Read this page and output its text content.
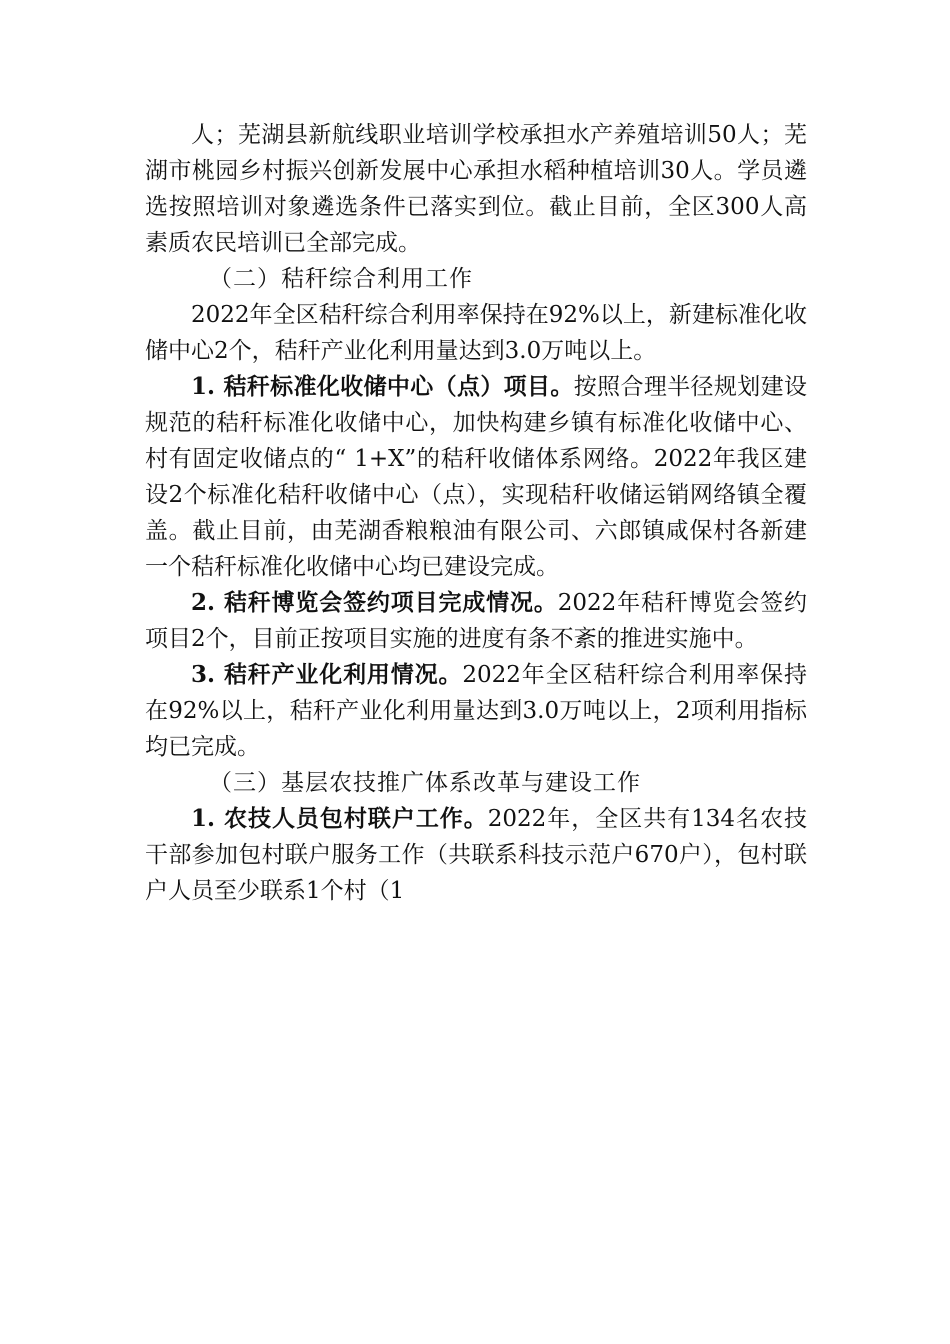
人；芜湖县新航线职业培训学校承担水产养殖培训50人；芜湖市桃园乡村振兴创新发展中心承担水稻种植培训30人。学员遴选按照培训对象遴选条件已落实到位。截止目前，全区300人高素质农民培训已全部完成。

（二）秸秆综合利用工作

2022年全区秸秆综合利用率保持在92%以上，新建标准化收储中心2个，秸秆产业化利用量达到3.0万吨以上。

1. 秸秆标准化收储中心（点）项目。按照合理半径规划建设规范的秸秆标准化收储中心，加快构建乡镇有标准化收储中心、村有固定收储点的“ 1+X”的秸秆收储体系网络。2022年我区建设2个标准化秸秆收储中心（点），实现秸秆收储运销网络镇全覆盖。截止目前，由芜湖香粮粮油有限公司、六郎镇咸保村各新建一个秸秆标准化收储中心均已建设完成。

2. 秸秆博览会签约项目完成情况。2022年秸秆博览会签约项目2个，目前正按项目实施的进度有条不紊的推进实施中。

3. 秸秆产业化利用情况。2022年全区秸秆综合利用率保持在92%以上，秸秆产业化利用量达到3.0万吨以上，2项利用指标均已完成。

（三）基层农技推广体系改革与建设工作

1. 农技人员包村联户工作。2022年，全区共有134名农技干部参加包村联户服务工作（共联系科技示范户670户），包村联户人员至少联系1个村（1
